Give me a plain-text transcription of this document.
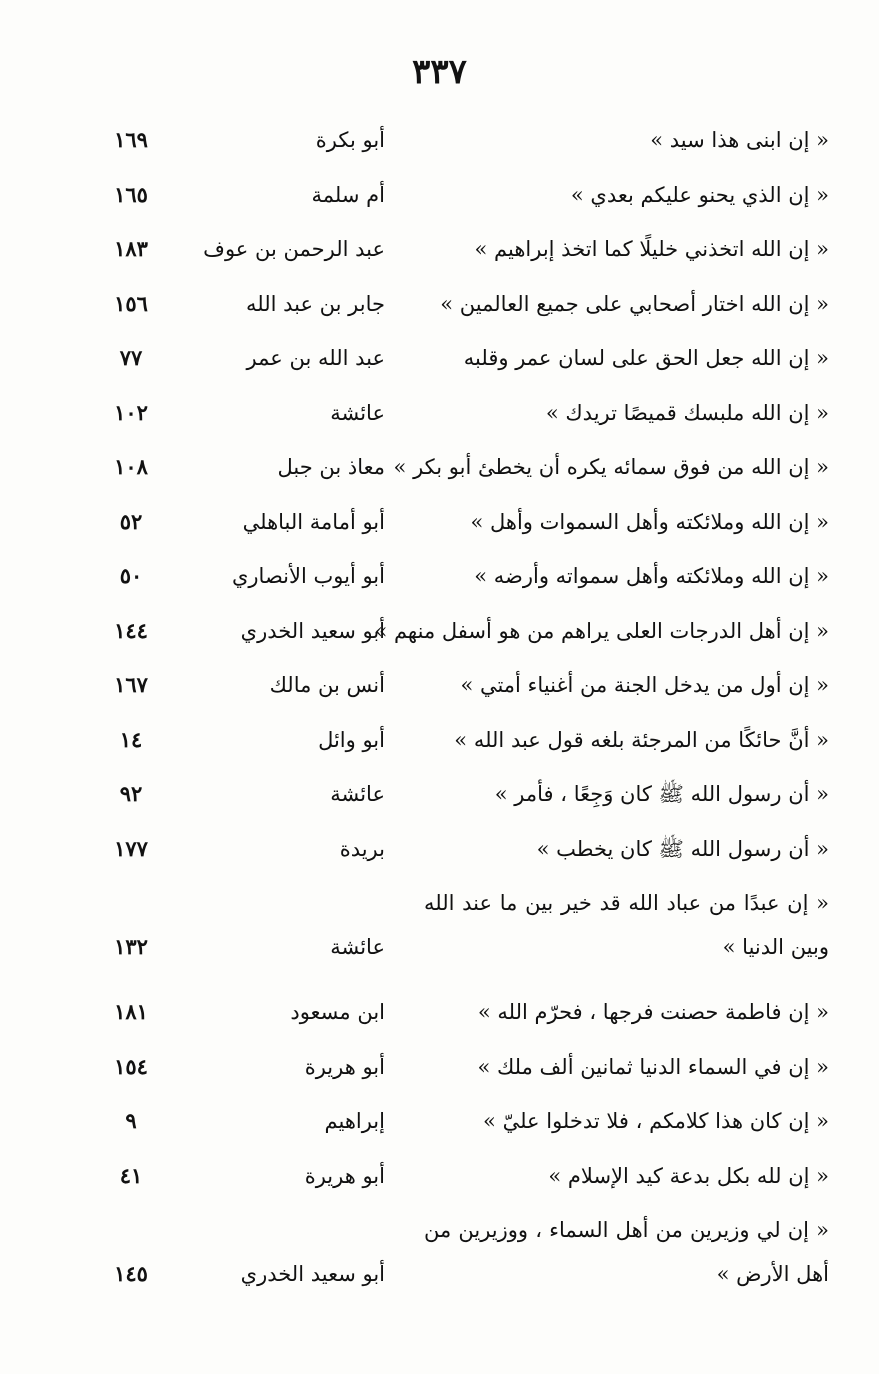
٣٣٧
« إن ابنى هذا سيد »
أبو بكرة
١٦٩
« إن الذي يحنو عليكم بعدي »
أم سلمة
١٦٥
« إن الله اتخذني خليلًا كما اتخذ إبراهيم »
عبد الرحمن بن عوف
١٨٣
« إن الله اختار أصحابي على جميع العالمين »
جابر بن عبد الله
١٥٦
« إن الله جعل الحق على لسان عمر وقلبه
عبد الله بن عمر
٧٧
« إن الله ملبسك قميصًا تريدك »
عائشة
١٠٢
« إن الله من فوق سمائه يكره أن يخطئ أبو بكر »
معاذ بن جبل
١٠٨
« إن الله وملائكته وأهل السموات وأهل »
أبو أمامة الباهلي
٥٢
« إن الله وملائكته وأهل سمواته وأرضه »
أبو أيوب الأنصاري
٥٠
« إن أهل الدرجات العلى يراهم من هو أسفل منهم »
أبو سعيد الخدري
١٤٤
« إن أول من يدخل الجنة من أغنياء أمتي »
أنس بن مالك
١٦٧
« أنَّ حائكًا من المرجئة بلغه قول عبد الله »
أبو وائل
١٤
« أن رسول الله ﷺ كان وَجِعًا ، فأمر »
عائشة
٩٢
« أن رسول الله ﷺ كان يخطب »
بريدة
١٧٧
« إن عبدًا من عباد الله قد خير بين ما عند الله وبين الدنيا »
عائشة
١٣٢
« إن فاطمة حصنت فرجها ، فحرّم الله »
ابن مسعود
١٨١
« إن في السماء الدنيا ثمانين ألف ملك »
أبو هريرة
١٥٤
« إن كان هذا كلامكم ، فلا تدخلوا عليّ »
إبراهيم
٩
« إن لله بكل بدعة كيد الإسلام »
أبو هريرة
٤١
« إن لي وزيرين من أهل السماء ، ووزيرين من أهل الأرض »
أبو سعيد الخدري
١٤٥
